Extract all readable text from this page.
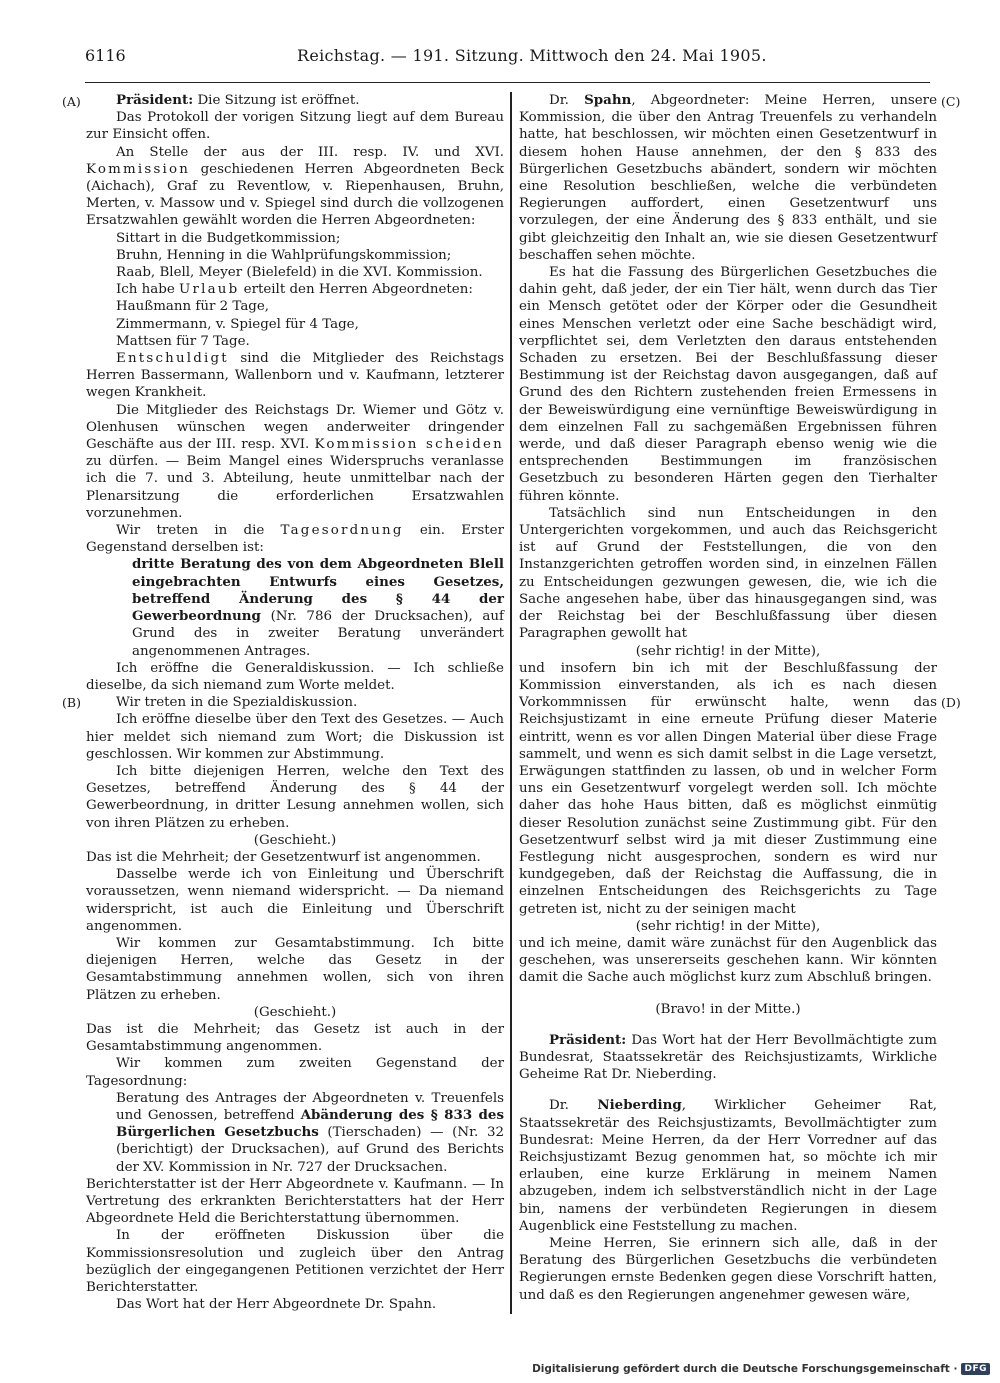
6116	Reichstag. — 191. Sitzung. Mittwoch den 24. Mai 1905.
(A)
(B)
(C)
(D)

Präsident: Die Sitzung ist eröffnet.

Das Protokoll der vorigen Sitzung liegt auf dem Bureau zur Einsicht offen.

An Stelle der aus der III. resp. IV. und XVI. Kommission geschiedenen Herren Abgeordneten Beck (Aichach), Graf zu Reventlow, v. Riepenhausen, Bruhn, Merten, v. Massow und v. Spiegel sind durch die vollzogenen Ersatzwahlen gewählt worden die Herren Abgeordneten:

Sittart in die Budgetkommission;

Bruhn, Henning in die Wahlprüfungskommission;

Raab, Blell, Meyer (Bielefeld) in die XVI. Kommission.

Ich habe Urlaub erteilt den Herren Abgeordneten:

Haußmann für 2 Tage,

Zimmermann, v. Spiegel für 4 Tage,

Mattsen für 7 Tage.

Entschuldigt sind die Mitglieder des Reichstags Herren Bassermann, Wallenborn und v. Kaufmann, letzterer wegen Krankheit.

Die Mitglieder des Reichstags Dr. Wiemer und Götz v. Olenhusen wünschen wegen anderweiter dringender Geschäfte aus der III. resp. XVI. Kommission scheiden zu dürfen. — Beim Mangel eines Widerspruchs veranlasse ich die 7. und 3. Abteilung, heute unmittelbar nach der Plenarsitzung die erforderlichen Ersatzwahlen vorzunehmen.

Wir treten in die Tagesordnung ein. Erster Gegenstand derselben ist:

dritte Beratung des von dem Abgeordneten Blell eingebrachten Entwurfs eines Gesetzes, betreffend Änderung des § 44 der Gewerbeordnung (Nr. 786 der Drucksachen), auf Grund des in zweiter Beratung unverändert angenommenen Antrages.

Ich eröffne die Generaldiskussion. — Ich schließe dieselbe, da sich niemand zum Worte meldet.

Wir treten in die Spezialdiskussion.

Ich eröffne dieselbe über den Text des Gesetzes. — Auch hier meldet sich niemand zum Wort; die Diskussion ist geschlossen. Wir kommen zur Abstimmung.

Ich bitte diejenigen Herren, welche den Text des Gesetzes, betreffend Änderung des § 44 der Gewerbeordnung, in dritter Lesung annehmen wollen, sich von ihren Plätzen zu erheben.

(Geschieht.)

Das ist die Mehrheit; der Gesetzentwurf ist angenommen.

Dasselbe werde ich von Einleitung und Überschrift voraussetzen, wenn niemand widerspricht. — Da niemand widerspricht, ist auch die Einleitung und Überschrift angenommen.

Wir kommen zur Gesamtabstimmung. Ich bitte diejenigen Herren, welche das Gesetz in der Gesamtabstimmung annehmen wollen, sich von ihren Plätzen zu erheben.

(Geschieht.)

Das ist die Mehrheit; das Gesetz ist auch in der Gesamtabstimmung angenommen.

Wir kommen zum zweiten Gegenstand der Tagesordnung:

Beratung des Antrages der Abgeordneten v. Treuenfels und Genossen, betreffend Abänderung des § 833 des Bürgerlichen Gesetzbuchs (Tierschaden) — (Nr. 32 (berichtigt) der Drucksachen), auf Grund des Berichts der XV. Kommission in Nr. 727 der Drucksachen.

Berichterstatter ist der Herr Abgeordnete v. Kaufmann. — In Vertretung des erkrankten Berichterstatters hat der Herr Abgeordnete Held die Berichterstattung übernommen.

In der eröffneten Diskussion über die Kommissionsresolution und zugleich über den Antrag bezüglich der eingegangenen Petitionen verzichtet der Herr Berichterstatter.

Das Wort hat der Herr Abgeordnete Dr. Spahn.

Dr. Spahn, Abgeordneter: Meine Herren, unsere Kommission, die über den Antrag Treuenfels zu verhandeln hatte, hat beschlossen, wir möchten einen Gesetzentwurf in diesem hohen Hause annehmen, der den § 833 des Bürgerlichen Gesetzbuchs abändert, sondern wir möchten eine Resolution beschließen, welche die verbündeten Regierungen auffordert, einen Gesetzentwurf uns vorzulegen, der eine Änderung des § 833 enthält, und sie gibt gleichzeitig den Inhalt an, wie sie diesen Gesetzentwurf beschaffen sehen möchte.

Es hat die Fassung des Bürgerlichen Gesetzbuches die dahin geht, daß jeder, der ein Tier hält, wenn durch das Tier ein Mensch getötet oder der Körper oder die Gesundheit eines Menschen verletzt oder eine Sache beschädigt wird, verpflichtet sei, dem Verletzten den daraus entstehenden Schaden zu ersetzen. Bei der Beschlußfassung dieser Bestimmung ist der Reichstag davon ausgegangen, daß auf Grund des den Richtern zustehenden freien Ermessens in der Beweiswürdigung eine vernünftige Beweiswürdigung in dem einzelnen Fall zu sachgemäßen Ergebnissen führen werde, und daß dieser Paragraph ebenso wenig wie die entsprechenden Bestimmungen im französischen Gesetzbuch zu besonderen Härten gegen den Tierhalter führen könnte.

Tatsächlich sind nun Entscheidungen in den Untergerichten vorgekommen, und auch das Reichsgericht ist auf Grund der Feststellungen, die von den Instanzgerichten getroffen worden sind, in einzelnen Fällen zu Entscheidungen gezwungen gewesen, die, wie ich die Sache angesehen habe, über das hinausgegangen sind, was der Reichstag bei der Beschlußfassung über diesen Paragraphen gewollt hat

(sehr richtig! in der Mitte),

und insofern bin ich mit der Beschlußfassung der Kommission einverstanden, als ich es nach diesen Vorkommnissen für erwünscht halte, wenn das Reichsjustizamt in eine erneute Prüfung dieser Materie eintritt, wenn es vor allen Dingen Material über diese Frage sammelt, und wenn es sich damit selbst in die Lage versetzt, Erwägungen stattfinden zu lassen, ob und in welcher Form uns ein Gesetzentwurf vorgelegt werden soll. Ich möchte daher das hohe Haus bitten, daß es möglichst einmütig dieser Resolution zunächst seine Zustimmung gibt. Für den Gesetzentwurf selbst wird ja mit dieser Zustimmung eine Festlegung nicht ausgesprochen, sondern es wird nur kundgegeben, daß der Reichstag die Auffassung, die in einzelnen Entscheidungen des Reichsgerichts zu Tage getreten ist, nicht zu der seinigen macht

(sehr richtig! in der Mitte),

und ich meine, damit wäre zunächst für den Augenblick das geschehen, was unsererseits geschehen kann. Wir könnten damit die Sache auch möglichst kurz zum Abschluß bringen.

(Bravo! in der Mitte.)

Präsident: Das Wort hat der Herr Bevollmächtigte zum Bundesrat, Staatssekretär des Reichsjustizamts, Wirkliche Geheime Rat Dr. Nieberding.

Dr. Nieberding, Wirklicher Geheimer Rat, Staatssekretär des Reichsjustizamts, Bevollmächtigter zum Bundesrat: Meine Herren, da der Herr Vorredner auf das Reichsjustizamt Bezug genommen hat, so möchte ich mir erlauben, eine kurze Erklärung in meinem Namen abzugeben, indem ich selbstverständlich nicht in der Lage bin, namens der verbündeten Regierungen in diesem Augenblick eine Feststellung zu machen.

Meine Herren, Sie erinnern sich alle, daß in der Beratung des Bürgerlichen Gesetzbuchs die verbündeten Regierungen ernste Bedenken gegen diese Vorschrift hatten, und daß es den Regierungen angenehmer gewesen wäre,

Digitalisierung gefördert durch die Deutsche Forschungsgemeinschaft · DFG
